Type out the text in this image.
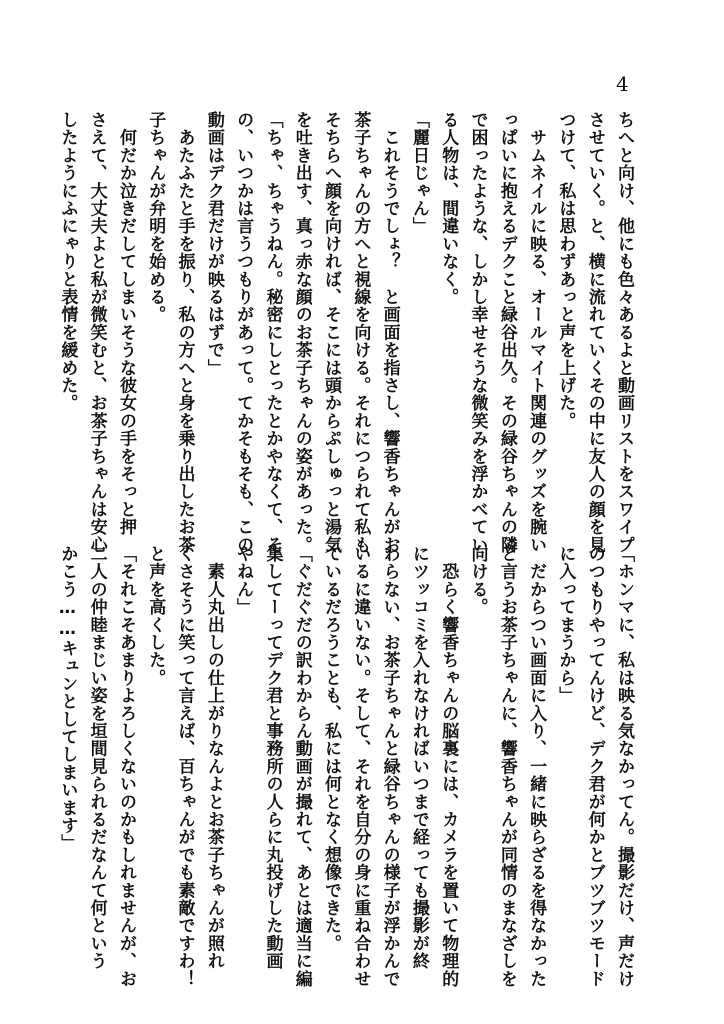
4
ちへと向け、他にも色々あるよと動画リストをスワイプ
させていく。と、横に流れていくその中に友人の顔を見
つけて、私は思わずあっと声を上げた。
　サムネイルに映る、オールマイト関連のグッズを腕い
っぱいに抱えるデクこと緑谷出久。その緑谷ちゃんの隣
で困ったような、しかし幸せそうな微笑みを浮かべてい
る人物は、間違いなく。
「麗日じゃん」
　これそうでしょ？　と画面を指さし、響香ちゃんがお
茶子ちゃんの方へと視線を向ける。それにつられて私も
そちらへ顔を向ければ、そこには頭からぷしゅっと湯気
を吐き出す、真っ赤な顔のお茶子ちゃんの姿があった。
「ちゃ、ちゃうねん。秘密にしとったとかやなくて、そ
の、いつかは言うつもりがあって。てかそもそも、この
動画はデク君だけが映るはずで」
　あたふたと手を振り、私の方へと身を乗り出したお茶
子ちゃんが弁明を始める。
　何だか泣きだしてしまいそうな彼女の手をそっと押
さえて、大丈夫よと私が微笑むと、お茶子ちゃんは安心
したようにふにゃりと表情を緩めた。
「ホンマに、私は映る気なかってん。撮影だけ、声だけ
のつもりやってんけど、デク君が何かとブツブツモード
に入ってまうから」
　だからつい画面に入り、一緒に映らざるを得なかった
と言うお茶子ちゃんに、響香ちゃんが同情のまなざしを
向ける。
　恐らく響香ちゃんの脳裏には、カメラを置いて物理的
にツッコミを入れなければいつまで経っても撮影が終
わらない、お茶子ちゃんと緑谷ちゃんの様子が浮かんで
いるに違いない。そして、それを自分の身に重ね合わせ
ているだろうことも、私には何となく想像できた。
「ぐだぐだの訳わからん動画が撮れて、あとは適当に編
集してーってデク君と事務所の人らに丸投げした動画
やねん」
　素人丸出しの仕上がりなんよとお茶子ちゃんが照れ
くさそうに笑って言えば、百ちゃんがでも素敵ですわ！
と声を高くした。
「それこそあまりよろしくないのかもしれませんが、お
二人の仲睦まじい姿を垣間見られるだなんて何という
かこう……キュンとしてしまいます」
